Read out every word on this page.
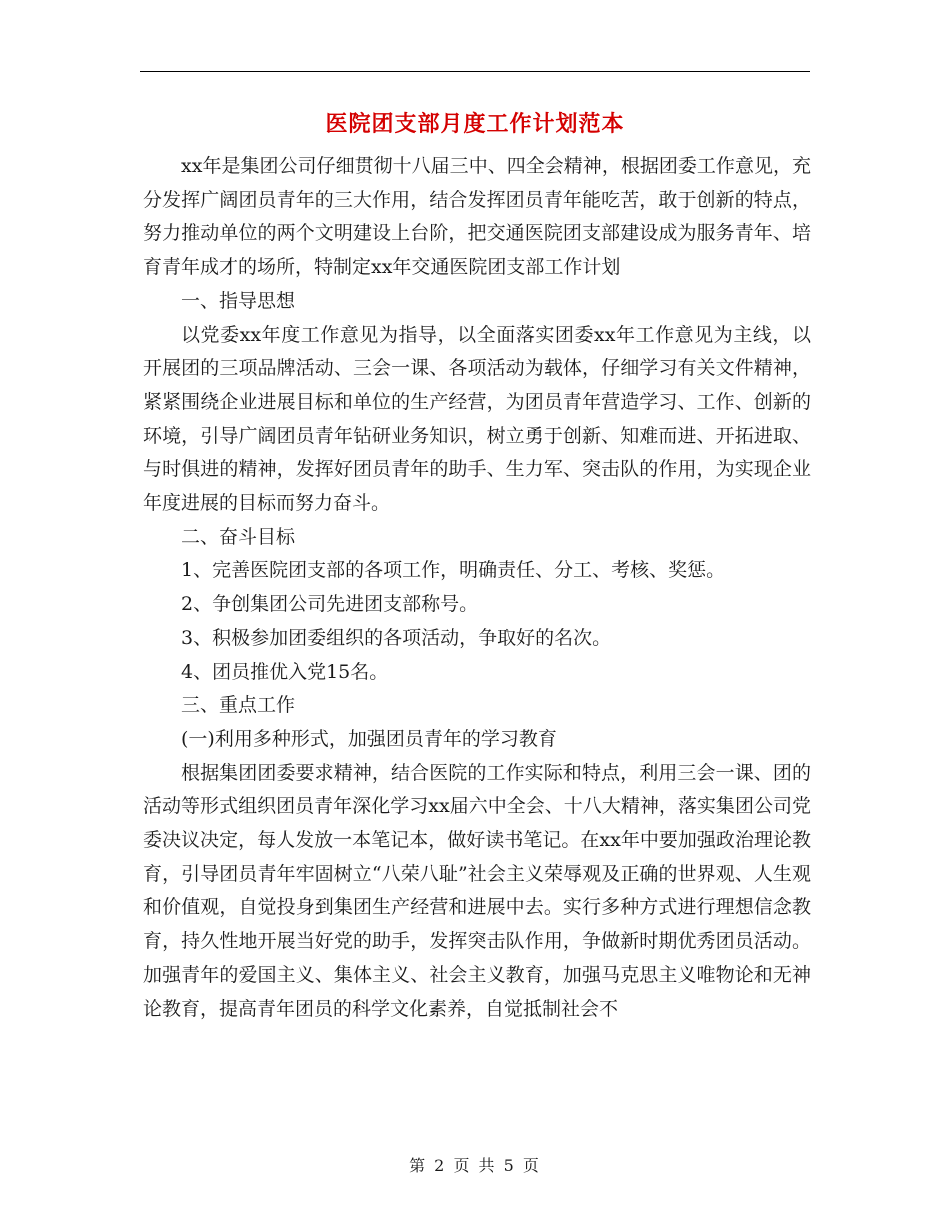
医院团支部月度工作计划范本

xx年是集团公司仔细贯彻十八届三中、四全会精神，根据团委工作意见，充分发挥广阔团员青年的三大作用，结合发挥团员青年能吃苦，敢于创新的特点，努力推动单位的两个文明建设上台阶，把交通医院团支部建设成为服务青年、培育青年成才的场所，特制定xx年交通医院团支部工作计划

一、指导思想

以党委xx年度工作意见为指导，以全面落实团委xx年工作意见为主线，以开展团的三项品牌活动、三会一课、各项活动为载体，仔细学习有关文件精神，紧紧围绕企业进展目标和单位的生产经营，为团员青年营造学习、工作、创新的环境，引导广阔团员青年钻研业务知识，树立勇于创新、知难而进、开拓进取、与时俱进的精神，发挥好团员青年的助手、生力军、突击队的作用，为实现企业年度进展的目标而努力奋斗。

二、奋斗目标

1、完善医院团支部的各项工作，明确责任、分工、考核、奖惩。

2、争创集团公司先进团支部称号。

3、积极参加团委组织的各项活动，争取好的名次。

4、团员推优入党15名。

三、重点工作

(一)利用多种形式，加强团员青年的学习教育

根据集团团委要求精神，结合医院的工作实际和特点，利用三会一课、团的活动等形式组织团员青年深化学习xx届六中全会、十八大精神，落实集团公司党委决议决定，每人发放一本笔记本，做好读书笔记。在xx年中要加强政治理论教育，引导团员青年牢固树立“八荣八耻”社会主义荣辱观及正确的世界观、人生观和价值观，自觉投身到集团生产经营和进展中去。实行多种方式进行理想信念教育，持久性地开展当好党的助手，发挥突击队作用，争做新时期优秀团员活动。加强青年的爱国主义、集体主义、社会主义教育，加强马克思主义唯物论和无神论教育，提高青年团员的科学文化素养，自觉抵制社会不

第 2 页 共 5 页
